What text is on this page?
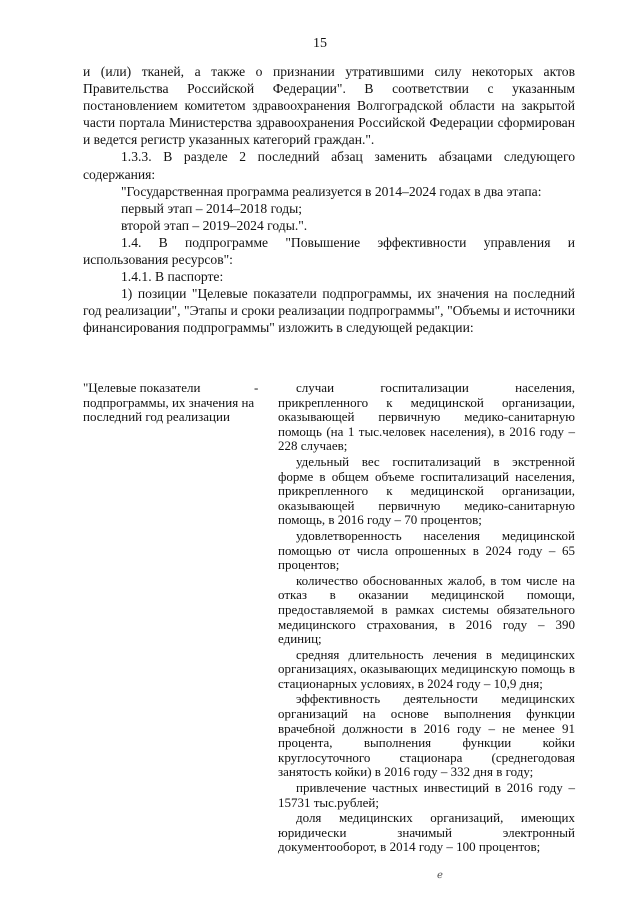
15

и (или) тканей, а также о признании утратившими силу некоторых актов Правительства Российской Федерации". В соответствии с указанным постановлением комитетом здравоохранения Волгоградской области на закрытой части портала Министерства здравоохранения Российской Федерации сформирован и ведется регистр указанных категорий граждан.".

1.3.3. В разделе 2 последний абзац заменить абзацами следующего содержания:

"Государственная программа реализуется в 2014–2024 годах в два этапа:

первый этап – 2014–2018 годы;

второй этап – 2019–2024 годы.".

1.4. В подпрограмме "Повышение эффективности управления и использования ресурсов":

1.4.1. В паспорте:

1) позиции "Целевые показатели подпрограммы, их значения на последний год реализации", "Этапы и сроки реализации подпрограммы", "Объемы и источники финансирования подпрограммы" изложить в следующей редакции:

"Целевые показатели подпрограммы, их значения на последний год реализации
-	случаи госпитализации населения, прикрепленного к медицинской организации, оказывающей первичную медико-санитарную помощь (на 1 тыс.человек населения), в 2016 году – 228 случаев;

удельный вес госпитализаций в экстренной форме в общем объеме госпитализаций населения, прикрепленного к медицинской организации, оказывающей первичную медико-санитарную помощь, в 2016 году – 70 процентов;

удовлетворенность населения медицинской помощью от числа опрошенных в 2024 году – 65 процентов;

количество обоснованных жалоб, в том числе на отказ в оказании медицинской помощи, предоставляемой в рамках системы обязательного медицинского страхования, в 2016 году – 390 единиц;

средняя длительность лечения в медицинских организациях, оказывающих медицинскую помощь в стационарных условиях, в 2024 году – 10,9 дня;

эффективность деятельности медицинских организаций на основе выполнения функции врачебной должности в 2016 году – не менее 91 процента, выполнения функции койки круглосуточного стационара (среднегодовая занятость койки) в 2016 году – 332 дня в году;

привлечение частных инвестиций в 2016 году – 15731 тыс.рублей;

доля медицинских организаций, имеющих юридически значимый электронный документооборот, в 2014 году – 100 процентов;

ℯ
